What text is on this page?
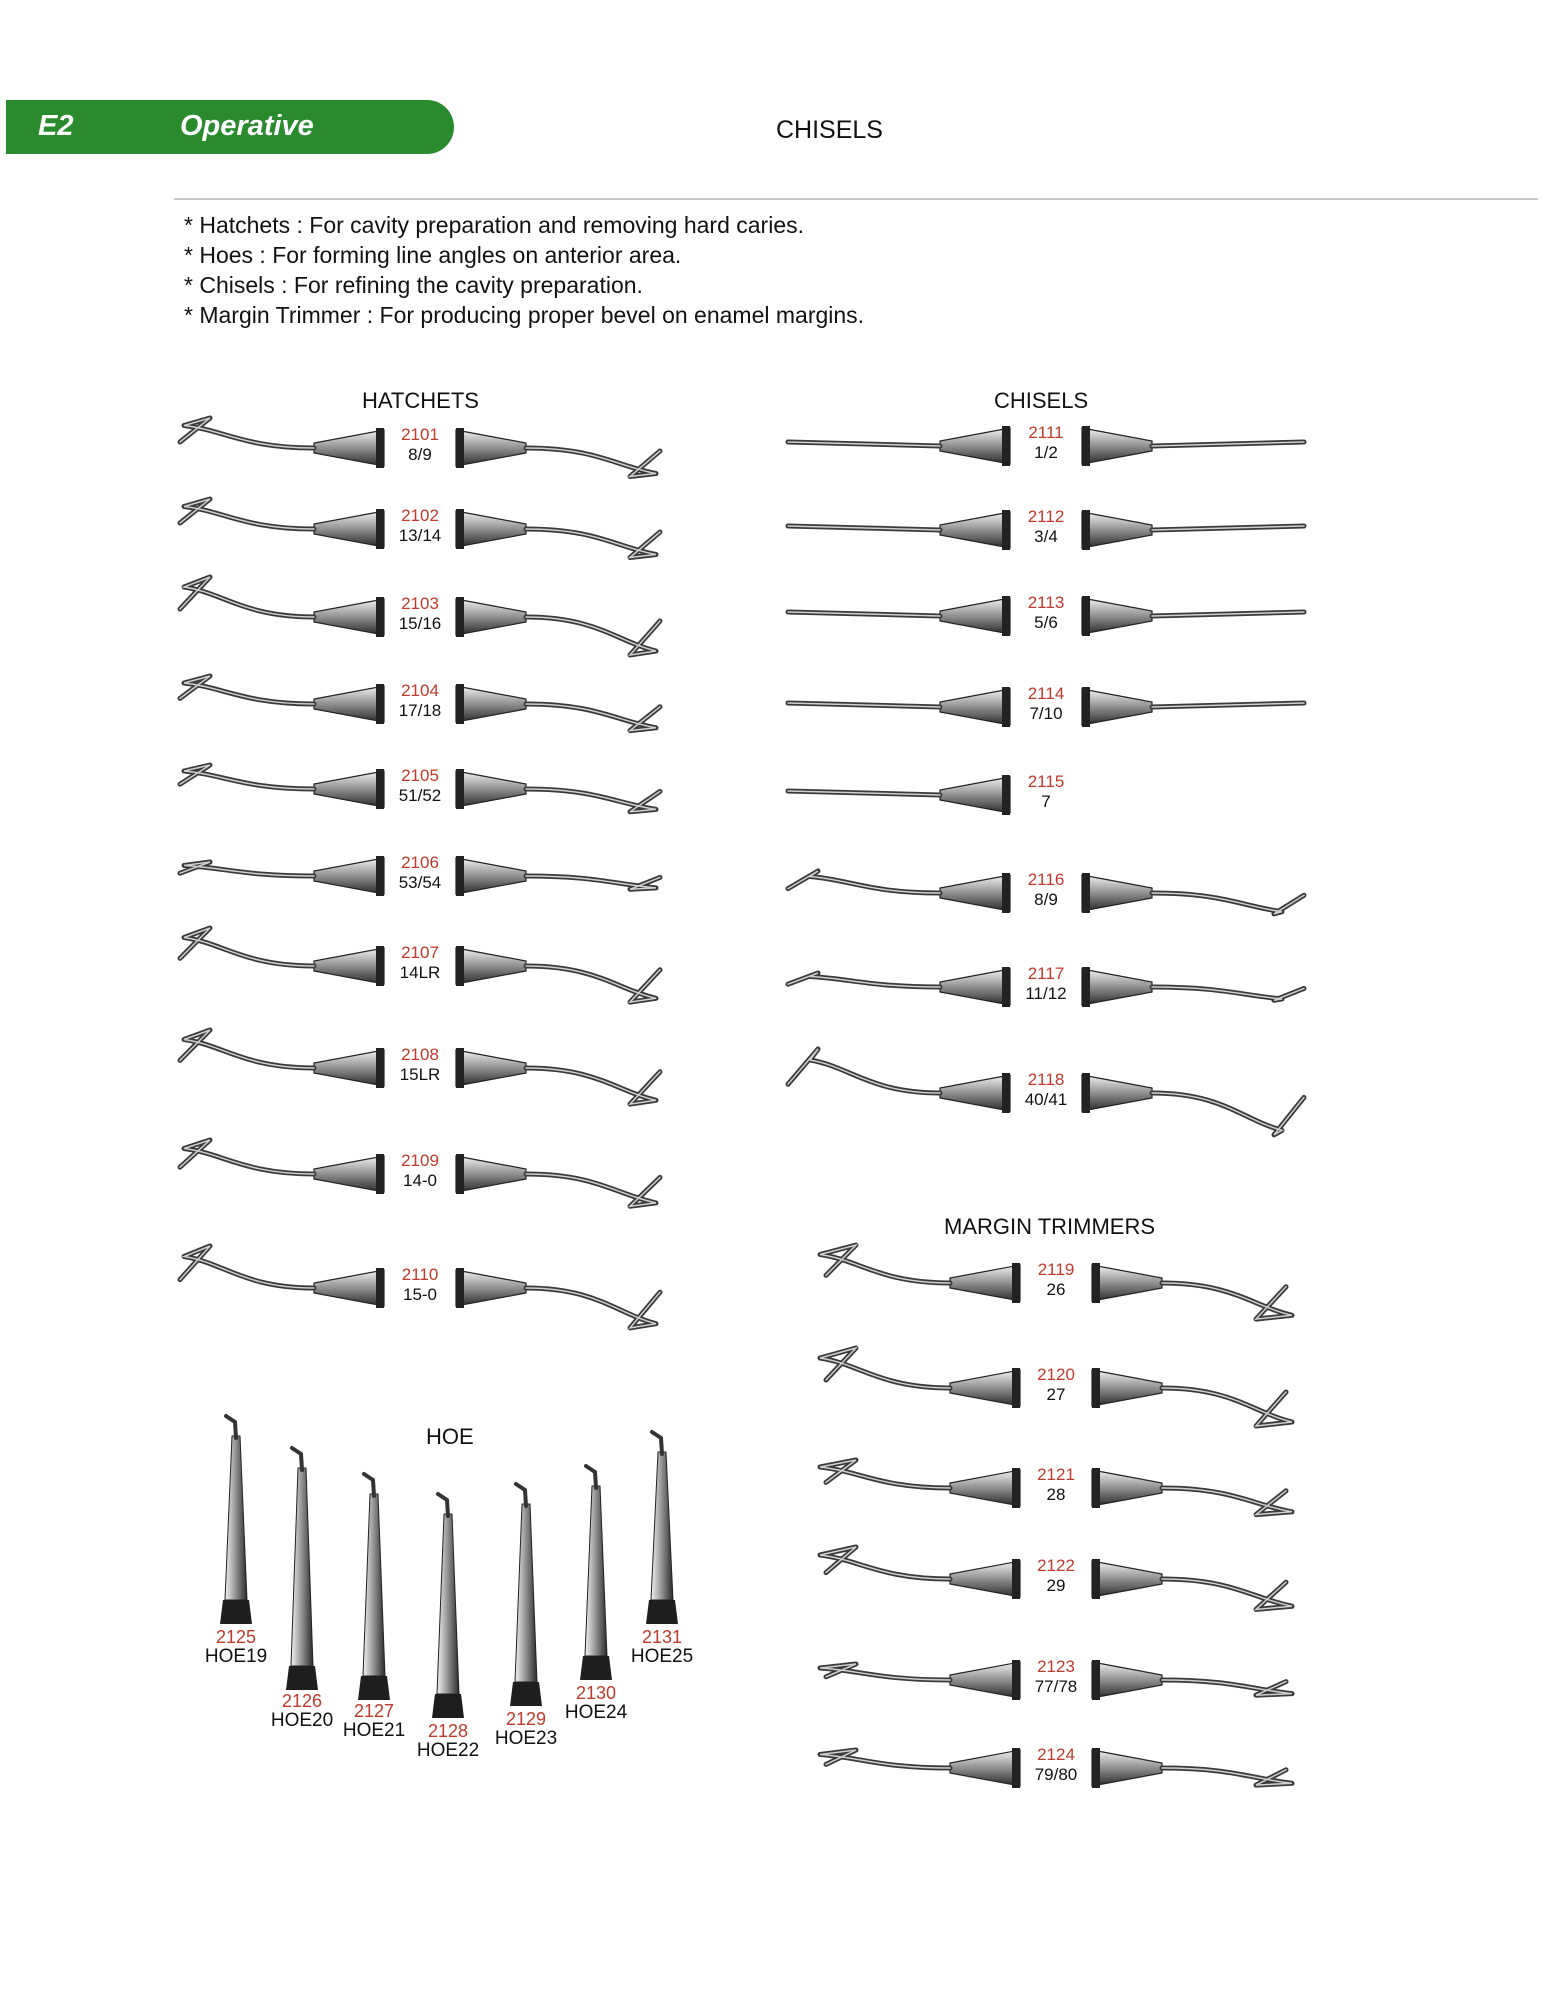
E2	Operative	CHISELS
* Hatchets : For cavity preparation and removing hard caries.
* Hoes : For forming line angles on anterior area.
* Chisels : For refining the cavity preparation.
* Margin Trimmer : For producing proper bevel on enamel margins.
HATCHETS	CHISELS
MARGIN TRIMMERS
HOE
2101
8/9
2102
13/14
2103
15/16
2104
17/18
2105
51/52
2106
53/54
2107
14LR
2108
15LR
2109
14-0
2110
15-0
2111
1/2
2112
3/4
2113
5/6
2114
7/10
2115
7
2116
8/9
2117
11/12
2118
40/41
2119
26
2120
27
2121
28
2122
29
2123
77/78
2124
79/80
2125
HOE19
2126
HOE20	2127
HOE21	2128
HOE22
2129
HOE23
2130
HOE24
2131
HOE25
